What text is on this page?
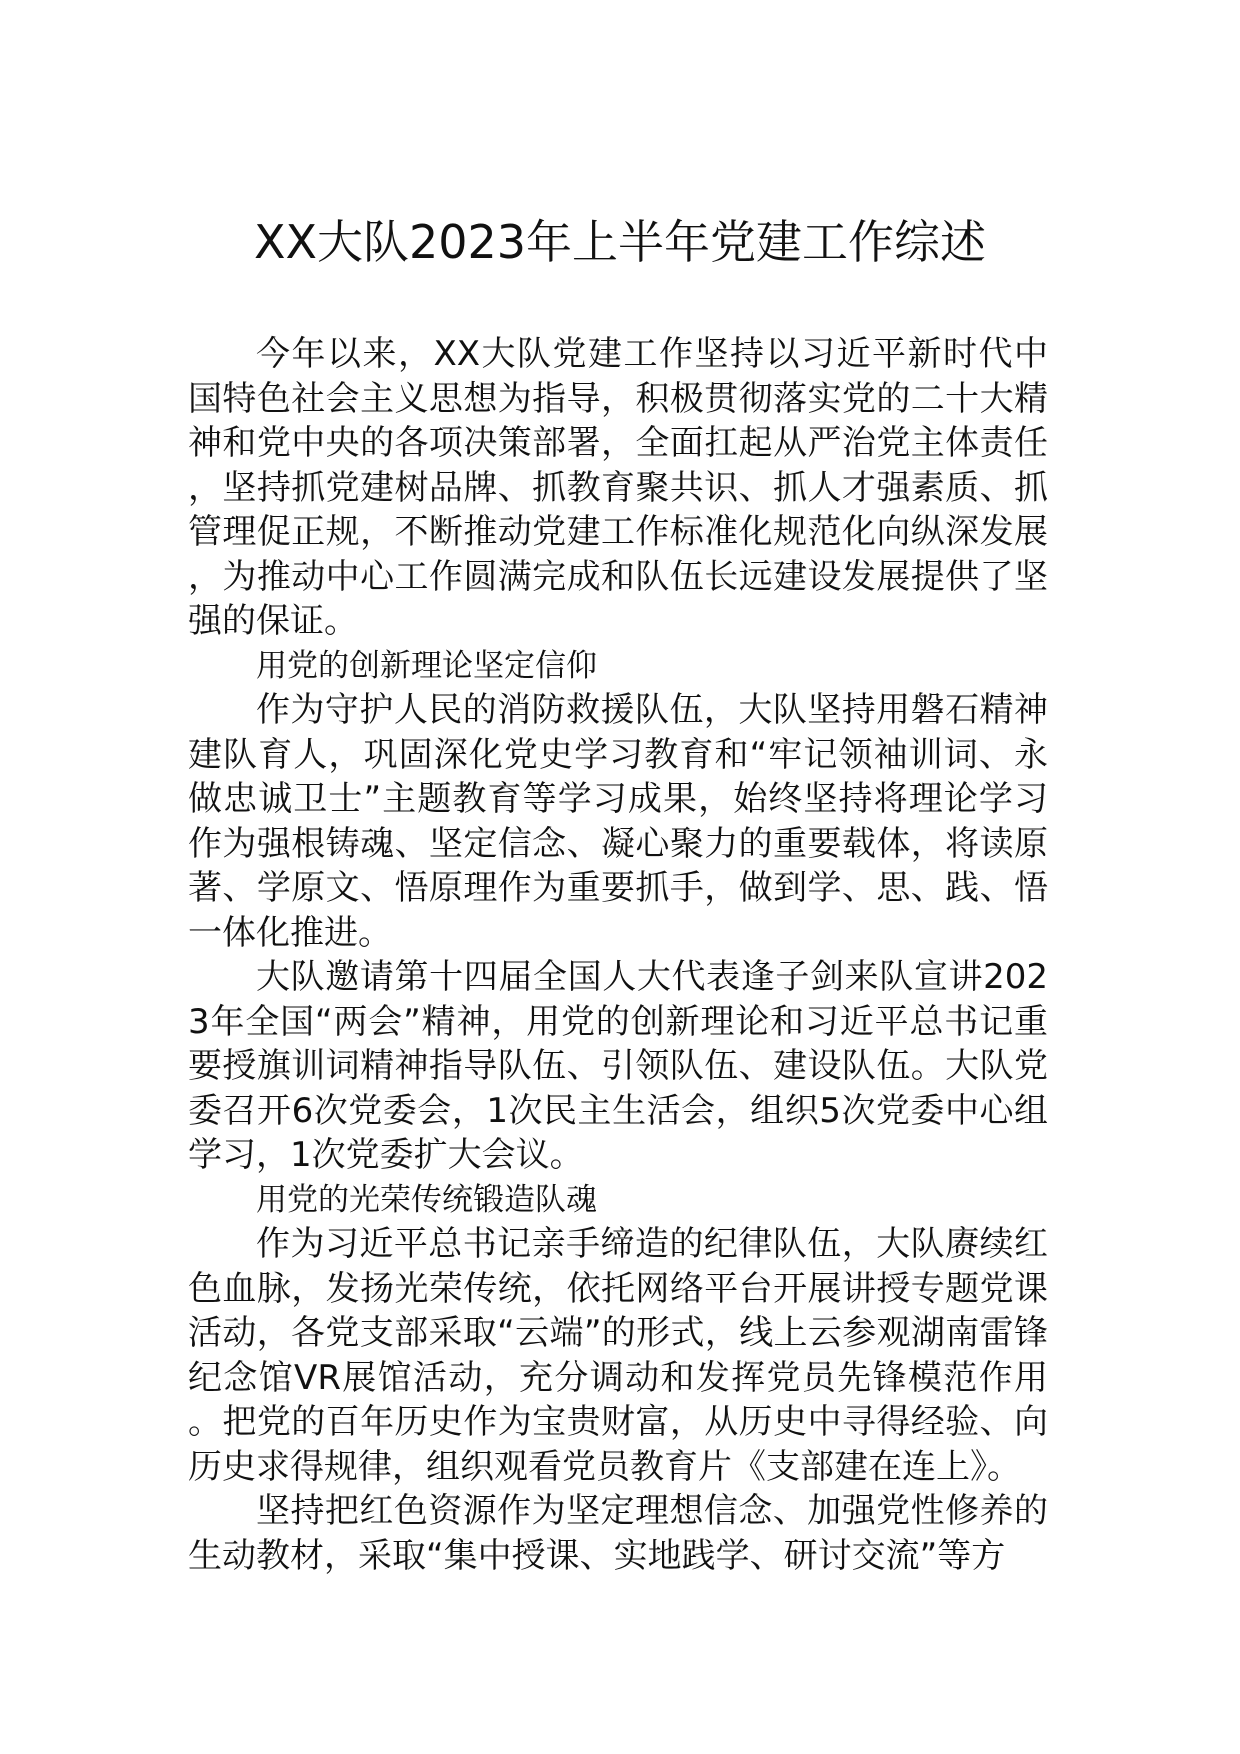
XX大队2023年上半年党建工作综述

今年以来，XX大队党建工作坚持以习近平新时代中国特色社会主义思想为指导，积极贯彻落实党的二十大精神和党中央的各项决策部署，全面扛起从严治党主体责任，坚持抓党建树品牌、抓教育聚共识、抓人才强素质、抓管理促正规，不断推动党建工作标准化规范化向纵深发展，为推动中心工作圆满完成和队伍长远建设发展提供了坚强的保证。

用党的创新理论坚定信仰

作为守护人民的消防救援队伍，大队坚持用磐石精神建队育人，巩固深化党史学习教育和“牢记领袖训词、永做忠诚卫士”主题教育等学习成果，始终坚持将理论学习作为强根铸魂、坚定信念、凝心聚力的重要载体，将读原著、学原文、悟原理作为重要抓手，做到学、思、践、悟一体化推进。

大队邀请第十四届全国人大代表逢子剑来队宣讲2023年全国“两会”精神，用党的创新理论和习近平总书记重要授旗训词精神指导队伍、引领队伍、建设队伍。大队党委召开6次党委会，1次民主生活会，组织5次党委中心组学习，1次党委扩大会议。

用党的光荣传统锻造队魂

作为习近平总书记亲手缔造的纪律队伍，大队赓续红色血脉，发扬光荣传统，依托网络平台开展讲授专题党课活动，各党支部采取“云端”的形式，线上云参观湖南雷锋纪念馆VR展馆活动，充分调动和发挥党员先锋模范作用。把党的百年历史作为宝贵财富，从历史中寻得经验、向历史求得规律，组织观看党员教育片《支部建在连上》。

坚持把红色资源作为坚定理想信念、加强党性修养的生动教材，采取“集中授课、实地践学、研讨交流”等方
